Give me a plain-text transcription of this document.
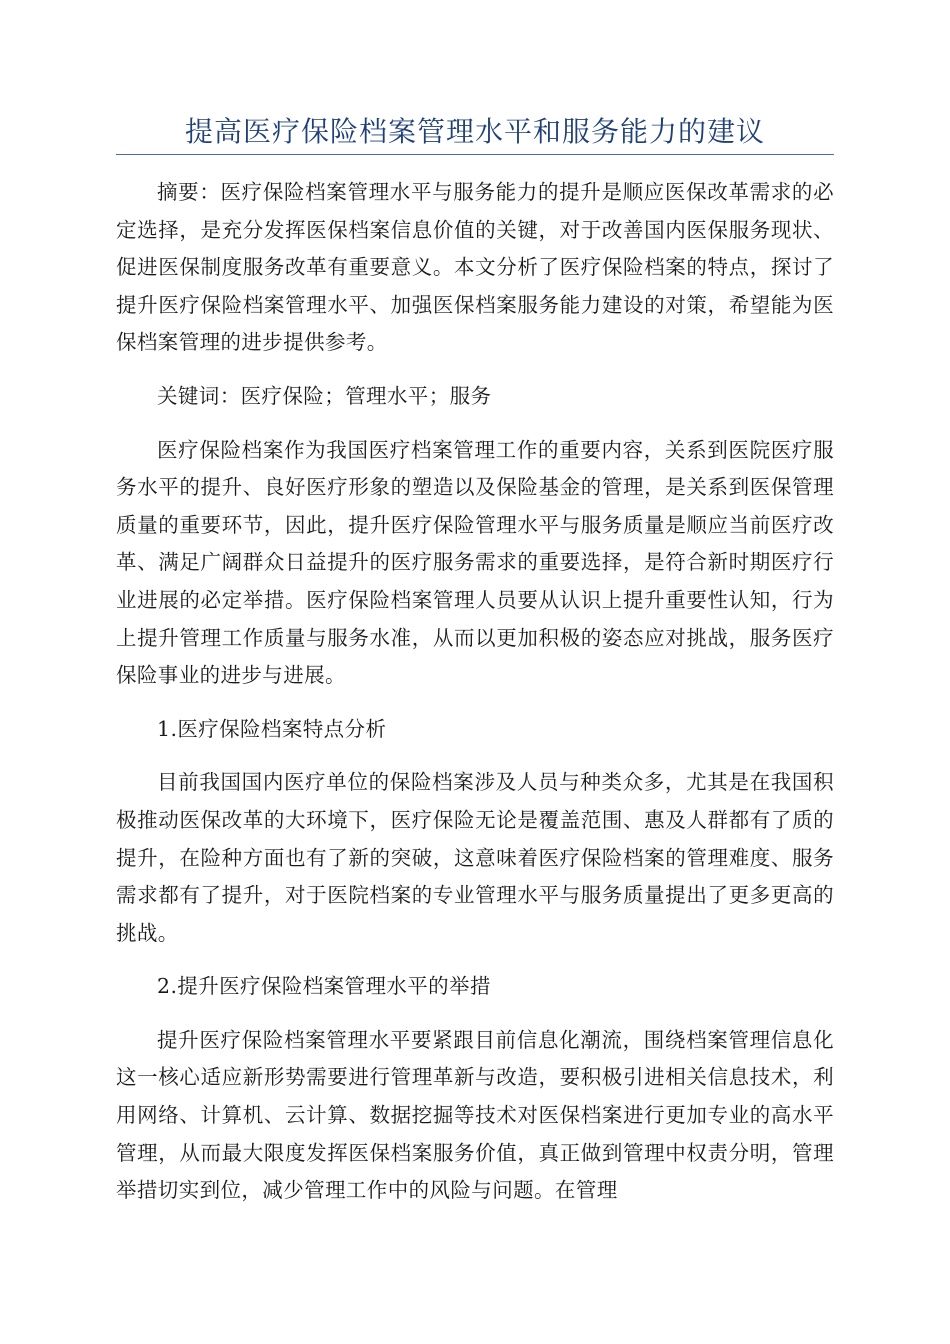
提高医疗保险档案管理水平和服务能力的建议

摘要：医疗保险档案管理水平与服务能力的提升是顺应医保改革需求的必定选择，是充分发挥医保档案信息价值的关键，对于改善国内医保服务现状、促进医保制度服务改革有重要意义。本文分析了医疗保险档案的特点，探讨了提升医疗保险档案管理水平、加强医保档案服务能力建设的对策，希望能为医保档案管理的进步提供参考。

关键词：医疗保险；管理水平；服务

医疗保险档案作为我国医疗档案管理工作的重要内容，关系到医院医疗服务水平的提升、良好医疗形象的塑造以及保险基金的管理，是关系到医保管理质量的重要环节，因此，提升医疗保险管理水平与服务质量是顺应当前医疗改革、满足广阔群众日益提升的医疗服务需求的重要选择，是符合新时期医疗行业进展的必定举措。医疗保险档案管理人员要从认识上提升重要性认知，行为上提升管理工作质量与服务水准，从而以更加积极的姿态应对挑战，服务医疗保险事业的进步与进展。

1.医疗保险档案特点分析

目前我国国内医疗单位的保险档案涉及人员与种类众多，尤其是在我国积极推动医保改革的大环境下，医疗保险无论是覆盖范围、惠及人群都有了质的提升，在险种方面也有了新的突破，这意味着医疗保险档案的管理难度、服务需求都有了提升，对于医院档案的专业管理水平与服务质量提出了更多更高的挑战。

2.提升医疗保险档案管理水平的举措

提升医疗保险档案管理水平要紧跟目前信息化潮流，围绕档案管理信息化这一核心适应新形势需要进行管理革新与改造，要积极引进相关信息技术，利用网络、计算机、云计算、数据挖掘等技术对医保档案进行更加专业的高水平管理，从而最大限度发挥医保档案服务价值，真正做到管理中权责分明，管理举措切实到位，减少管理工作中的风险与问题。在管理
